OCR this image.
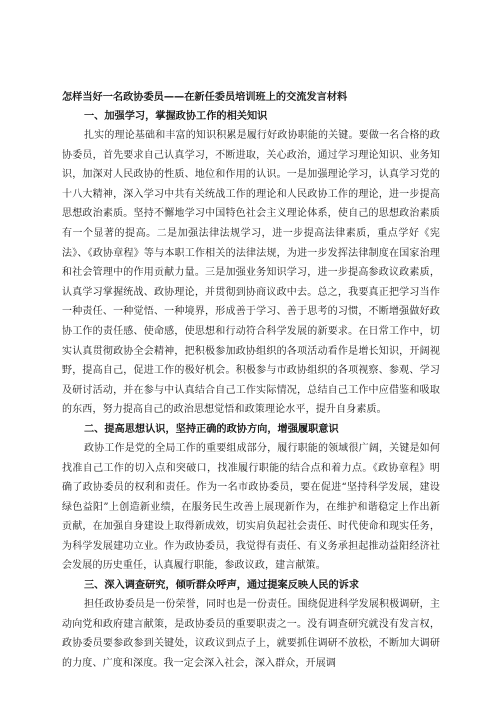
怎样当好一名政协委员——在新任委员培训班上的交流发言材料

一、加强学习，掌握政协工作的相关知识

扎实的理论基础和丰富的知识积累是履行好政协职能的关键。要做一名合格的政协委员，首先要求自己认真学习，不断进取，关心政治，通过学习理论知识、业务知识，加深对人民政协的性质、地位和作用的认识。一是加强理论学习，认真学习党的十八大精神，深入学习中共有关统战工作的理论和人民政协工作的理论，进一步提高思想政治素质。坚持不懈地学习中国特色社会主义理论体系，使自己的思想政治素质有一个显著的提高。二是加强法律法规学习，进一步提高法律素质，重点学好《宪法》、《政协章程》等与本职工作相关的法律法规，为进一步发挥法律制度在国家治理和社会管理中的作用贡献力量。三是加强业务知识学习，进一步提高参政议政素质，认真学习掌握统战、政协理论，并贯彻到协商议政中去。总之，我要真正把学习当作一种责任、一种觉悟、一种境界，形成善于学习、善于思考的习惯，不断增强做好政协工作的责任感、使命感，使思想和行动符合科学发展的新要求。在日常工作中，切实认真贯彻政协全会精神，把积极参加政协组织的各项活动看作是增长知识，开阔视野，提高自己，促进工作的极好机会。积极参与市政协组织的各项视察、参观、学习及研讨活动，并在参与中认真结合自己工作实际情况，总结自己工作中应借鉴和吸取的东西，努力提高自己的政治思想觉悟和政策理论水平，提升自身素质。

二、提高思想认识，坚持正确的政协方向，增强履职意识

政协工作是党的全局工作的重要组成部分，履行职能的领域很广阔，关键是如何找准自己工作的切入点和突破口，找准履行职能的结合点和着力点。《政协章程》明确了政协委员的权利和责任。作为一名市政协委员，要在促进“坚持科学发展，建设绿色益阳”上创造新业绩，在服务民生改善上展现新作为，在维护和谐稳定上作出新贡献，在加强自身建设上取得新成效，切实肩负起社会责任、时代使命和现实任务，为科学发展建功立业。作为政协委员，我觉得有责任、有义务承担起推动益阳经济社会发展的历史重任，认真履行职能，参政议政，建言献策。

三、深入调查研究，倾听群众呼声，通过提案反映人民的诉求

担任政协委员是一份荣誉，同时也是一份责任。围绕促进科学发展积极调研，主动向党和政府建言献策，是政协委员的重要职责之一。没有调查研究就没有发言权，政协委员要参政参到关键处，议政议到点子上，就要抓住调研不放松，不断加大调研的力度、广度和深度。我一定会深入社会，深入群众，开展调
